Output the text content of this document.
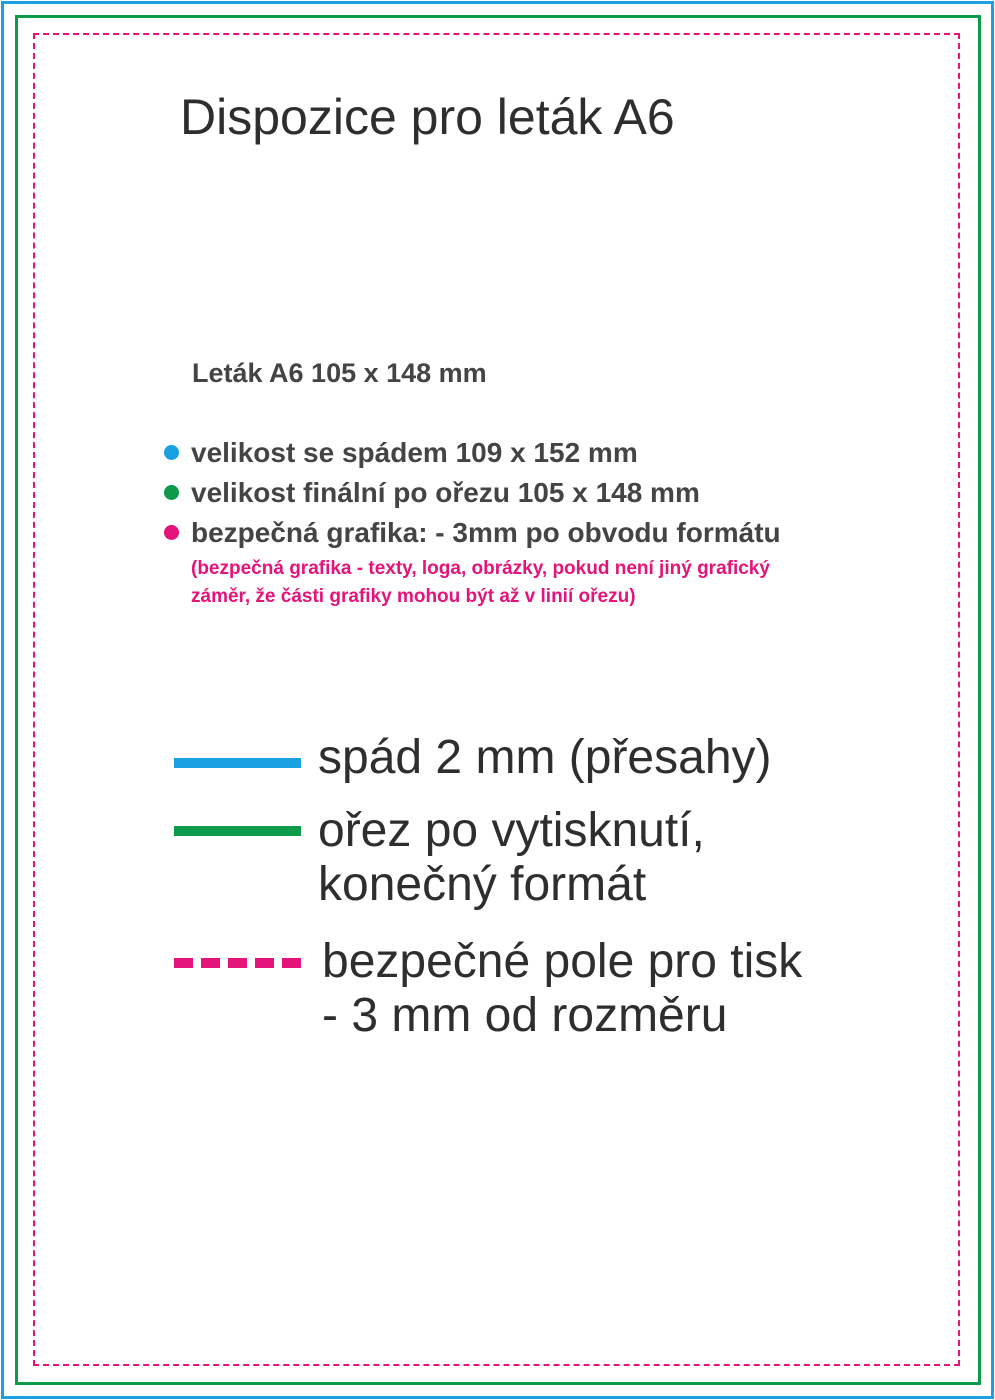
Dispozice pro leták A6
Leták A6 105 x 148 mm
velikost se spádem 109 x 152 mm
velikost finální po ořezu 105 x 148 mm
bezpečná grafika: - 3mm po obvodu formátu
(bezpečná grafika - texty, loga, obrázky, pokud není jiný grafický
záměr, že části grafiky mohou být až v linií ořezu)
spád 2 mm (přesahy)
ořez po vytisknutí,
konečný formát
bezpečné pole pro tisk
- 3 mm od rozměru
